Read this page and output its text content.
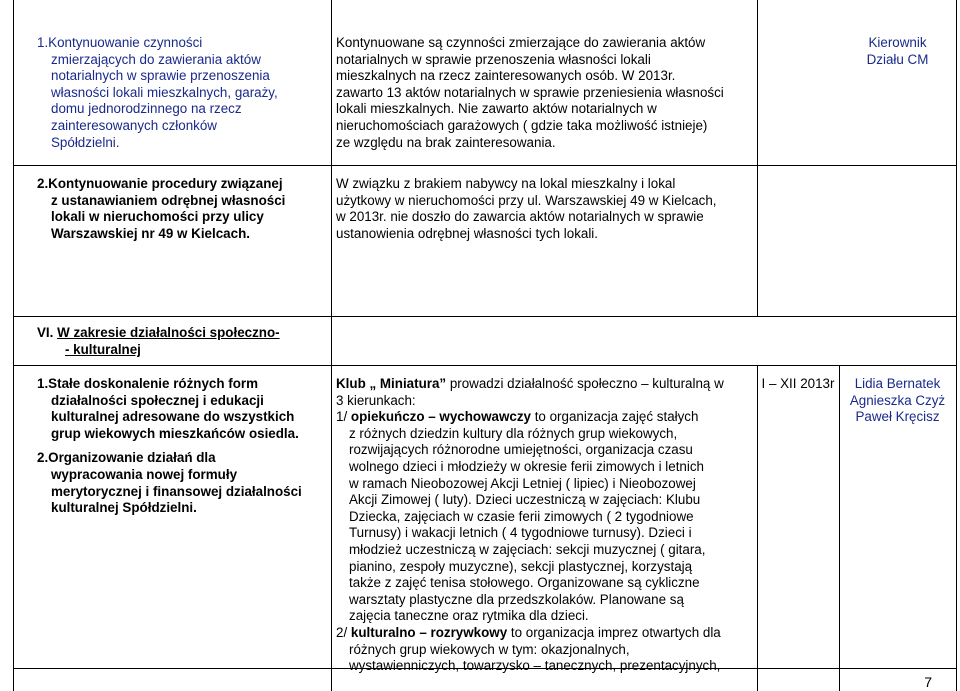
1.Kontynuowanie czynności
zmierzających do zawierania aktów
notarialnych w sprawie przenoszenia
własności lokali mieszkalnych, garaży,
domu jednorodzinnego na rzecz
zainteresowanych członków
Spółdzielni.
Kontynuowane są czynności zmierzające do zawierania aktów
notarialnych w sprawie przenoszenia własności lokali
mieszkalnych na rzecz zainteresowanych osób. W 2013r.
zawarto 13 aktów notarialnych w sprawie przeniesienia własności
lokali mieszkalnych. Nie zawarto aktów notarialnych w
nieruchomościach garażowych ( gdzie taka możliwość istnieje)
ze względu na brak zainteresowania.
Kierownik
Działu CM
2.Kontynuowanie procedury związanej
z ustanawianiem odrębnej własności
lokali w nieruchomości przy ulicy
Warszawskiej nr 49 w Kielcach.
W związku z brakiem nabywcy na lokal mieszkalny i lokal
użytkowy w nieruchomości przy ul. Warszawskiej 49 w Kielcach,
w 2013r. nie doszło do zawarcia aktów notarialnych w sprawie
ustanowienia odrębnej własności tych lokali.
VI. W zakresie działalności społeczno-
- kulturalnej
1.Stałe doskonalenie różnych form
działalności społecznej i edukacji
kulturalnej adresowane do wszystkich
grup wiekowych mieszkańców osiedla.
2.Organizowanie działań dla
wypracowania nowej formuły
merytorycznej i finansowej działalności
kulturalnej Spółdzielni.
Klub „ Miniatura” prowadzi działalność społeczno – kulturalną w
3 kierunkach:
1/ opiekuńczo – wychowawczy to organizacja zajęć stałych
z różnych dziedzin kultury dla różnych grup wiekowych,
rozwijających różnorodne umiejętności, organizacja czasu
wolnego dzieci i młodzieży w okresie ferii zimowych i letnich
w ramach Nieobozowej Akcji Letniej ( lipiec) i Nieobozowej
Akcji Zimowej ( luty). Dzieci uczestniczą w zajęciach: Klubu
Dziecka, zajęciach w czasie ferii zimowych ( 2 tygodniowe
Turnusy) i wakacji letnich ( 4 tygodniowe turnusy). Dzieci i
młodzież uczestniczą w zajęciach: sekcji muzycznej ( gitara,
pianino, zespoły muzyczne), sekcji plastycznej, korzystają
także z zajęć tenisa stołowego. Organizowane są cykliczne
warsztaty plastyczne dla przedszkolaków. Planowane są
zajęcia taneczne oraz rytmika dla dzieci.
2/ kulturalno – rozrywkowy to organizacja imprez otwartych dla
różnych grup wiekowych w tym: okazjonalnych,
wystawienniczych, towarzysko – tanecznych, prezentacyjnych,
I – XII 2013r	Lidia Bernatek
Agnieszka Czyż
Paweł Kręcisz
7
